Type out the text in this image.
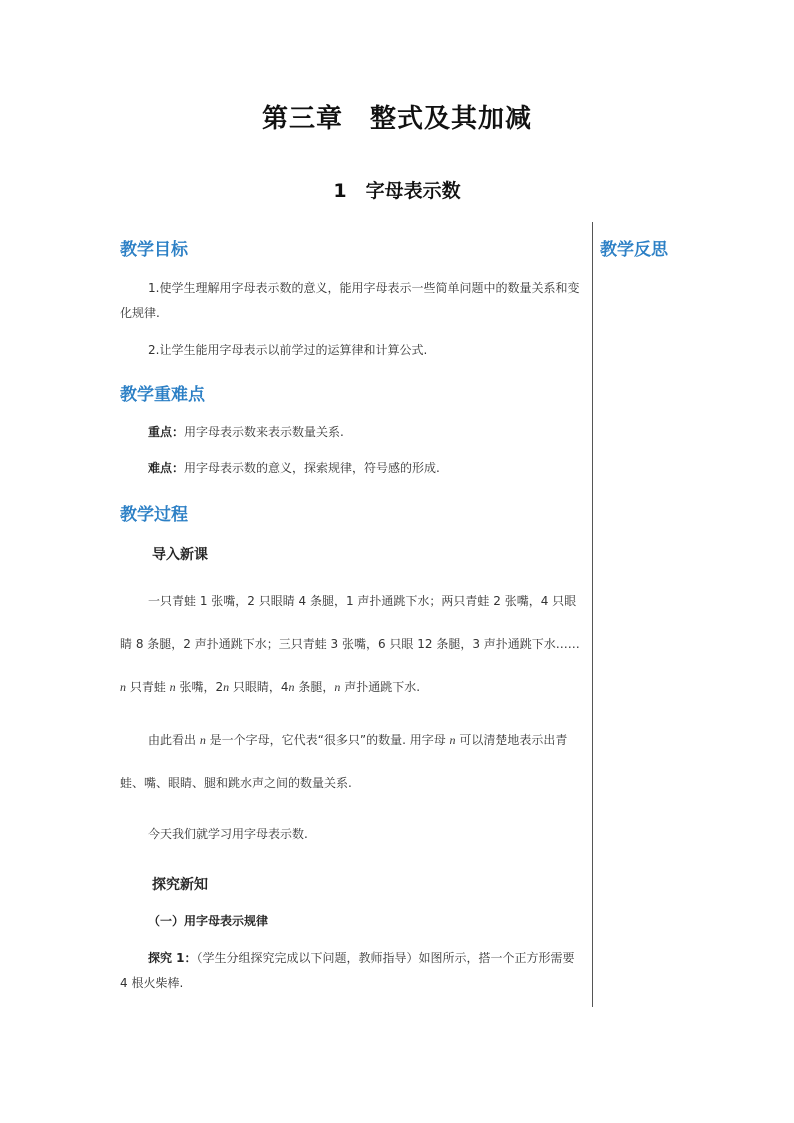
第三章　整式及其加减
1　字母表示数
教学反思
教学目标
1.使学生理解用字母表示数的意义，能用字母表示一些简单问题中的数量关系和变化规律.
2.让学生能用字母表示以前学过的运算律和计算公式.
教学重难点
重点：用字母表示数来表示数量关系.
难点：用字母表示数的意义，探索规律，符号感的形成.
教学过程
导入新课
一只青蛙 1 张嘴，2 只眼睛 4 条腿，1 声扑通跳下水；两只青蛙 2 张嘴，4 只眼睛 8 条腿，2 声扑通跳下水；三只青蛙 3 张嘴，6 只眼 12 条腿，3 声扑通跳下水……n 只青蛙 n 张嘴，2n 只眼睛，4n 条腿，n 声扑通跳下水.
由此看出 n 是一个字母，它代表“很多只”的数量. 用字母 n 可以清楚地表示出青蛙、嘴、眼睛、腿和跳水声之间的数量关系.
今天我们就学习用字母表示数.
探究新知
（一）用字母表示规律
探究 1：（学生分组探究完成以下问题，教师指导）如图所示，搭一个正方形需要 4 根火柴棒.
